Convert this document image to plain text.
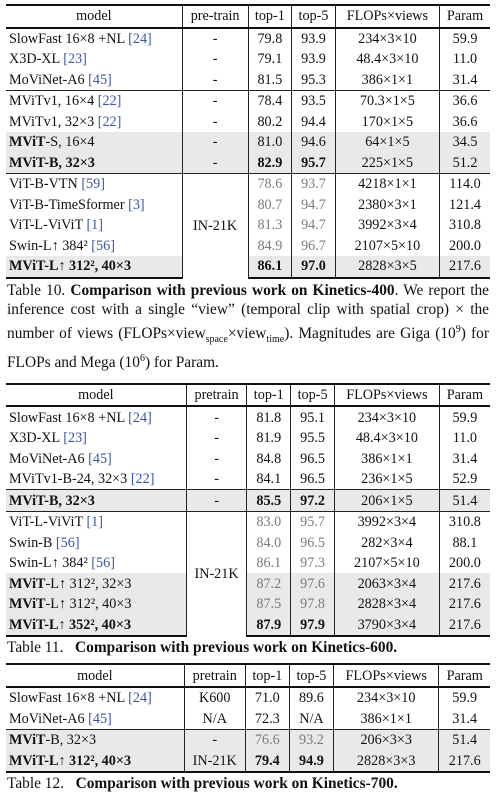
model	pre-train	top-1	top-5	FLOPs×views	Param
SlowFast 16×8 +NL [24]	-	79.8	93.9	234×3×10	59.9
X3D-XL [23]	-	79.1	93.9	48.4×3×10	11.0
MoViNet-A6 [45]	-	81.5	95.3	386×1×1	31.4
MViTv1, 16×4 [22]	-	78.4	93.5	70.3×1×5	36.6
MViTv1, 32×3 [22]	-	80.2	94.4	170×1×5	36.6
MViT-S, 16×4	-	81.0	94.6	64×1×5	34.5
MViT-B, 32×3	-	82.9	95.7	225×1×5	51.2
ViT-B-VTN [59]	IN-21K	78.6	93.7	4218×1×1	114.0
ViT-B-TimeSformer [3]		80.7	94.7	2380×3×1	121.4
ViT-L-ViViT [1]		81.3	94.7	3992×3×4	310.8
Swin-L↑ 384² [56]		84.9	96.7	2107×5×10	200.0
MViT-L↑ 312², 40×3		86.1	97.0	2828×3×5	217.6

Table 10. Comparison with previous work on Kinetics-400. We report the inference cost with a single “view” (temporal clip with spatial crop) × the number of views (FLOPs×view$_{space}$×view$_{time}$). Magnitudes are Giga $(10^9)$ for FLOPs and Mega $(10^6)$ for Param.

model	pretrain	top-1	top-5	FLOPs×views	Param
SlowFast 16×8 +NL [24]	-	81.8	95.1	234×3×10	59.9
X3D-XL [23]	-	81.9	95.5	48.4×3×10	11.0
MoViNet-A6 [45]	-	84.8	96.5	386×1×1	31.4
MViTv1-B-24, 32×3 [22]	-	84.1	96.5	236×1×5	52.9
MViT-B, 32×3	-	85.5	97.2	206×1×5	51.4
ViT-L-ViViT [1]	IN-21K	83.0	95.7	3992×3×4	310.8
Swin-B [56]		84.0	96.5	282×3×4	88.1
Swin-L↑ 384² [56]		86.1	97.3	2107×5×10	200.0
MViT-L↑ 312², 32×3		87.2	97.6	2063×3×4	217.6
MViT-L↑ 312², 40×3		87.5	97.8	2828×3×4	217.6
MViT-L↑ 352², 40×3		87.9	97.9	3790×3×4	217.6

Table 11. Comparison with previous work on Kinetics-600.

model	pretrain	top-1	top-5	FLOPs×views	Param
SlowFast 16×8 +NL [24]	K600	71.0	89.6	234×3×10	59.9
MoViNet-A6 [45]	N/A	72.3	N/A	386×1×1	31.4
MViT-B, 32×3	-	76.6	93.2	206×3×3	51.4
MViT-L↑ 312², 40×3	IN-21K	79.4	94.9	2828×3×3	217.6

Table 12. Comparison with previous work on Kinetics-700.
